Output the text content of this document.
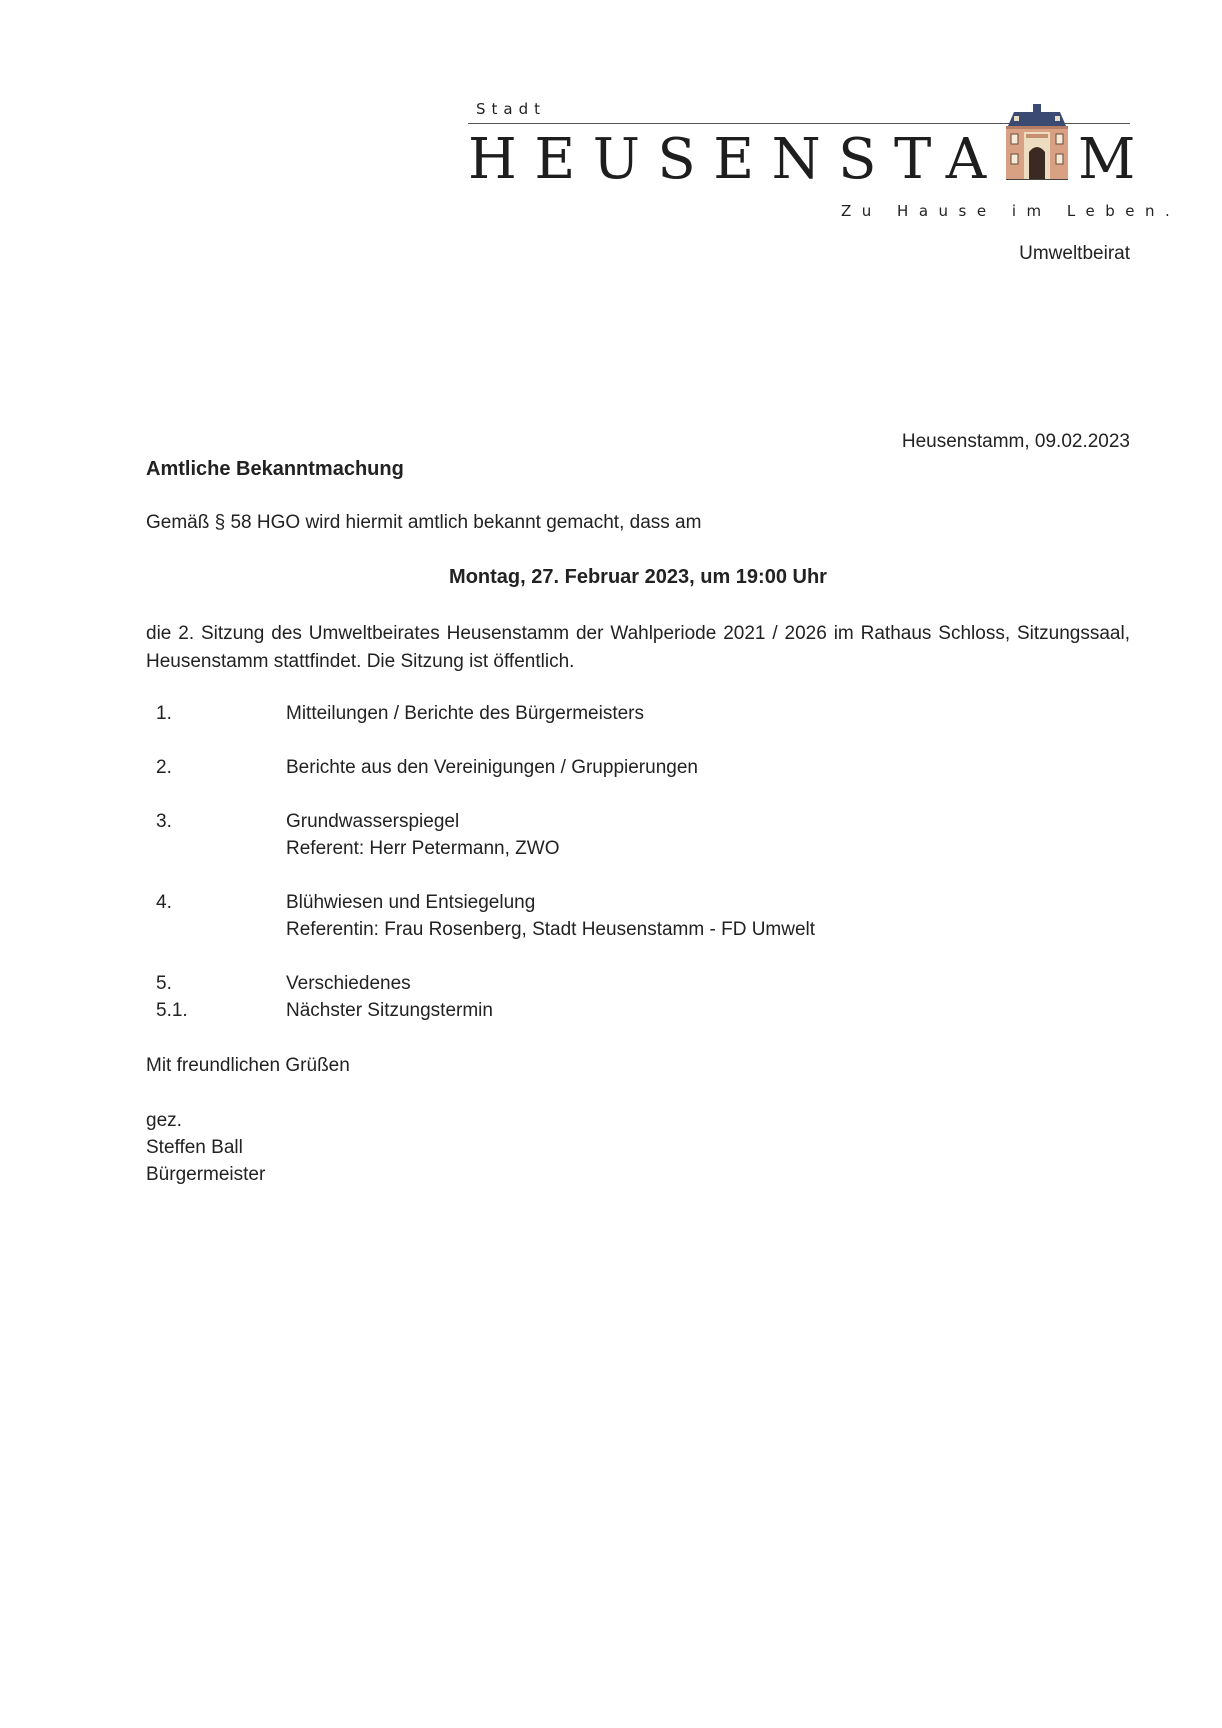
Stadt
HEUSENSTA M
Zu Hause im Leben.
Umweltbeirat
Heusenstamm, 09.02.2023
Amtliche Bekanntmachung
Gemäß § 58 HGO wird hiermit amtlich bekannt gemacht, dass am
Montag, 27. Februar 2023, um 19:00 Uhr
die 2. Sitzung des Umweltbeirates Heusenstamm der Wahlperiode 2021 / 2026 im Rathaus Schloss, Sitzungssaal, Heusenstamm stattfindet. Die Sitzung ist öffentlich.
1.	Mitteilungen / Berichte des Bürgermeisters
2.	Berichte aus den Vereinigungen / Gruppierungen
3.	Grundwasserspiegel
Referent: Herr Petermann, ZWO
4.	Blühwiesen und Entsiegelung
Referentin: Frau Rosenberg, Stadt Heusenstamm - FD Umwelt
5.	Verschiedenes
5.1.	Nächster Sitzungstermin
Mit freundlichen Grüßen
gez.
Steffen Ball
Bürgermeister
